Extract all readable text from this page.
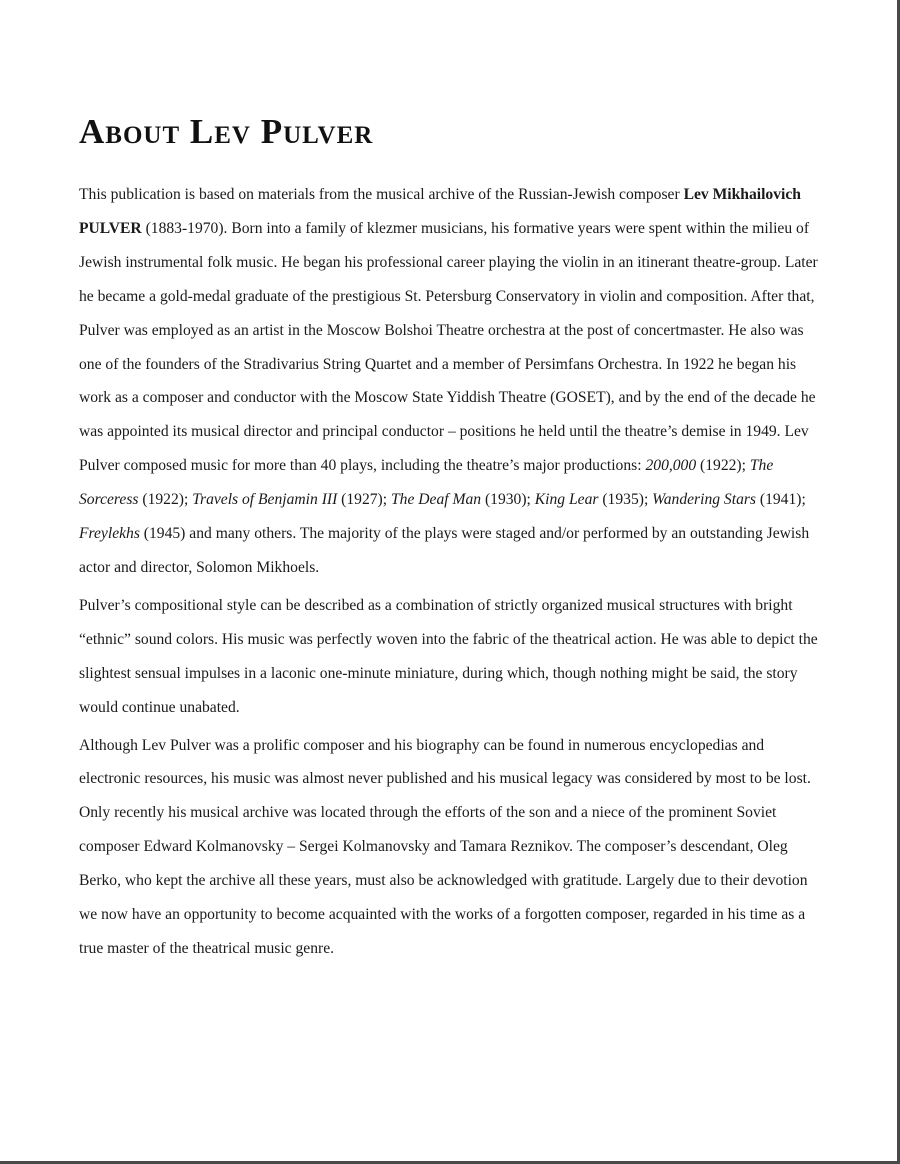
About Lev Pulver

This publication is based on materials from the musical archive of the Russian-Jewish composer Lev Mikhailovich PULVER (1883-1970). Born into a family of klezmer musicians, his formative years were spent within the milieu of Jewish instrumental folk music. He began his professional career playing the violin in an itinerant theatre-group. Later he became a gold-medal graduate of the prestigious St. Petersburg Conservatory in violin and composition. After that, Pulver was employed as an artist in the Moscow Bolshoi Theatre orchestra at the post of concertmaster. He also was one of the founders of the Stradivarius String Quartet and a member of Persimfans Orchestra. In 1922 he began his work as a composer and conductor with the Moscow State Yiddish Theatre (GOSET), and by the end of the decade he was appointed its musical director and principal conductor – positions he held until the theatre’s demise in 1949. Lev Pulver composed music for more than 40 plays, including the theatre’s major productions: 200,000 (1922); The Sorceress (1922); Travels of Benjamin III (1927); The Deaf Man (1930); King Lear (1935); Wandering Stars (1941); Freylekhs (1945) and many others. The majority of the plays were staged and/or performed by an outstanding Jewish actor and director, Solomon Mikhoels.

Pulver’s compositional style can be described as a combination of strictly organized musical structures with bright “ethnic” sound colors. His music was perfectly woven into the fabric of the theatrical action. He was able to depict the slightest sensual impulses in a laconic one-minute miniature, during which, though nothing might be said, the story would continue unabated.

Although Lev Pulver was a prolific composer and his biography can be found in numerous encyclopedias and electronic resources, his music was almost never published and his musical legacy was considered by most to be lost. Only recently his musical archive was located through the efforts of the son and a niece of the prominent Soviet composer Edward Kolmanovsky – Sergei Kolmanovsky and Tamara Reznikov. The composer’s descendant, Oleg Berko, who kept the archive all these years, must also be acknowledged with gratitude. Largely due to their devotion we now have an opportunity to become acquainted with the works of a forgotten composer, regarded in his time as a true master of the theatrical music genre.
